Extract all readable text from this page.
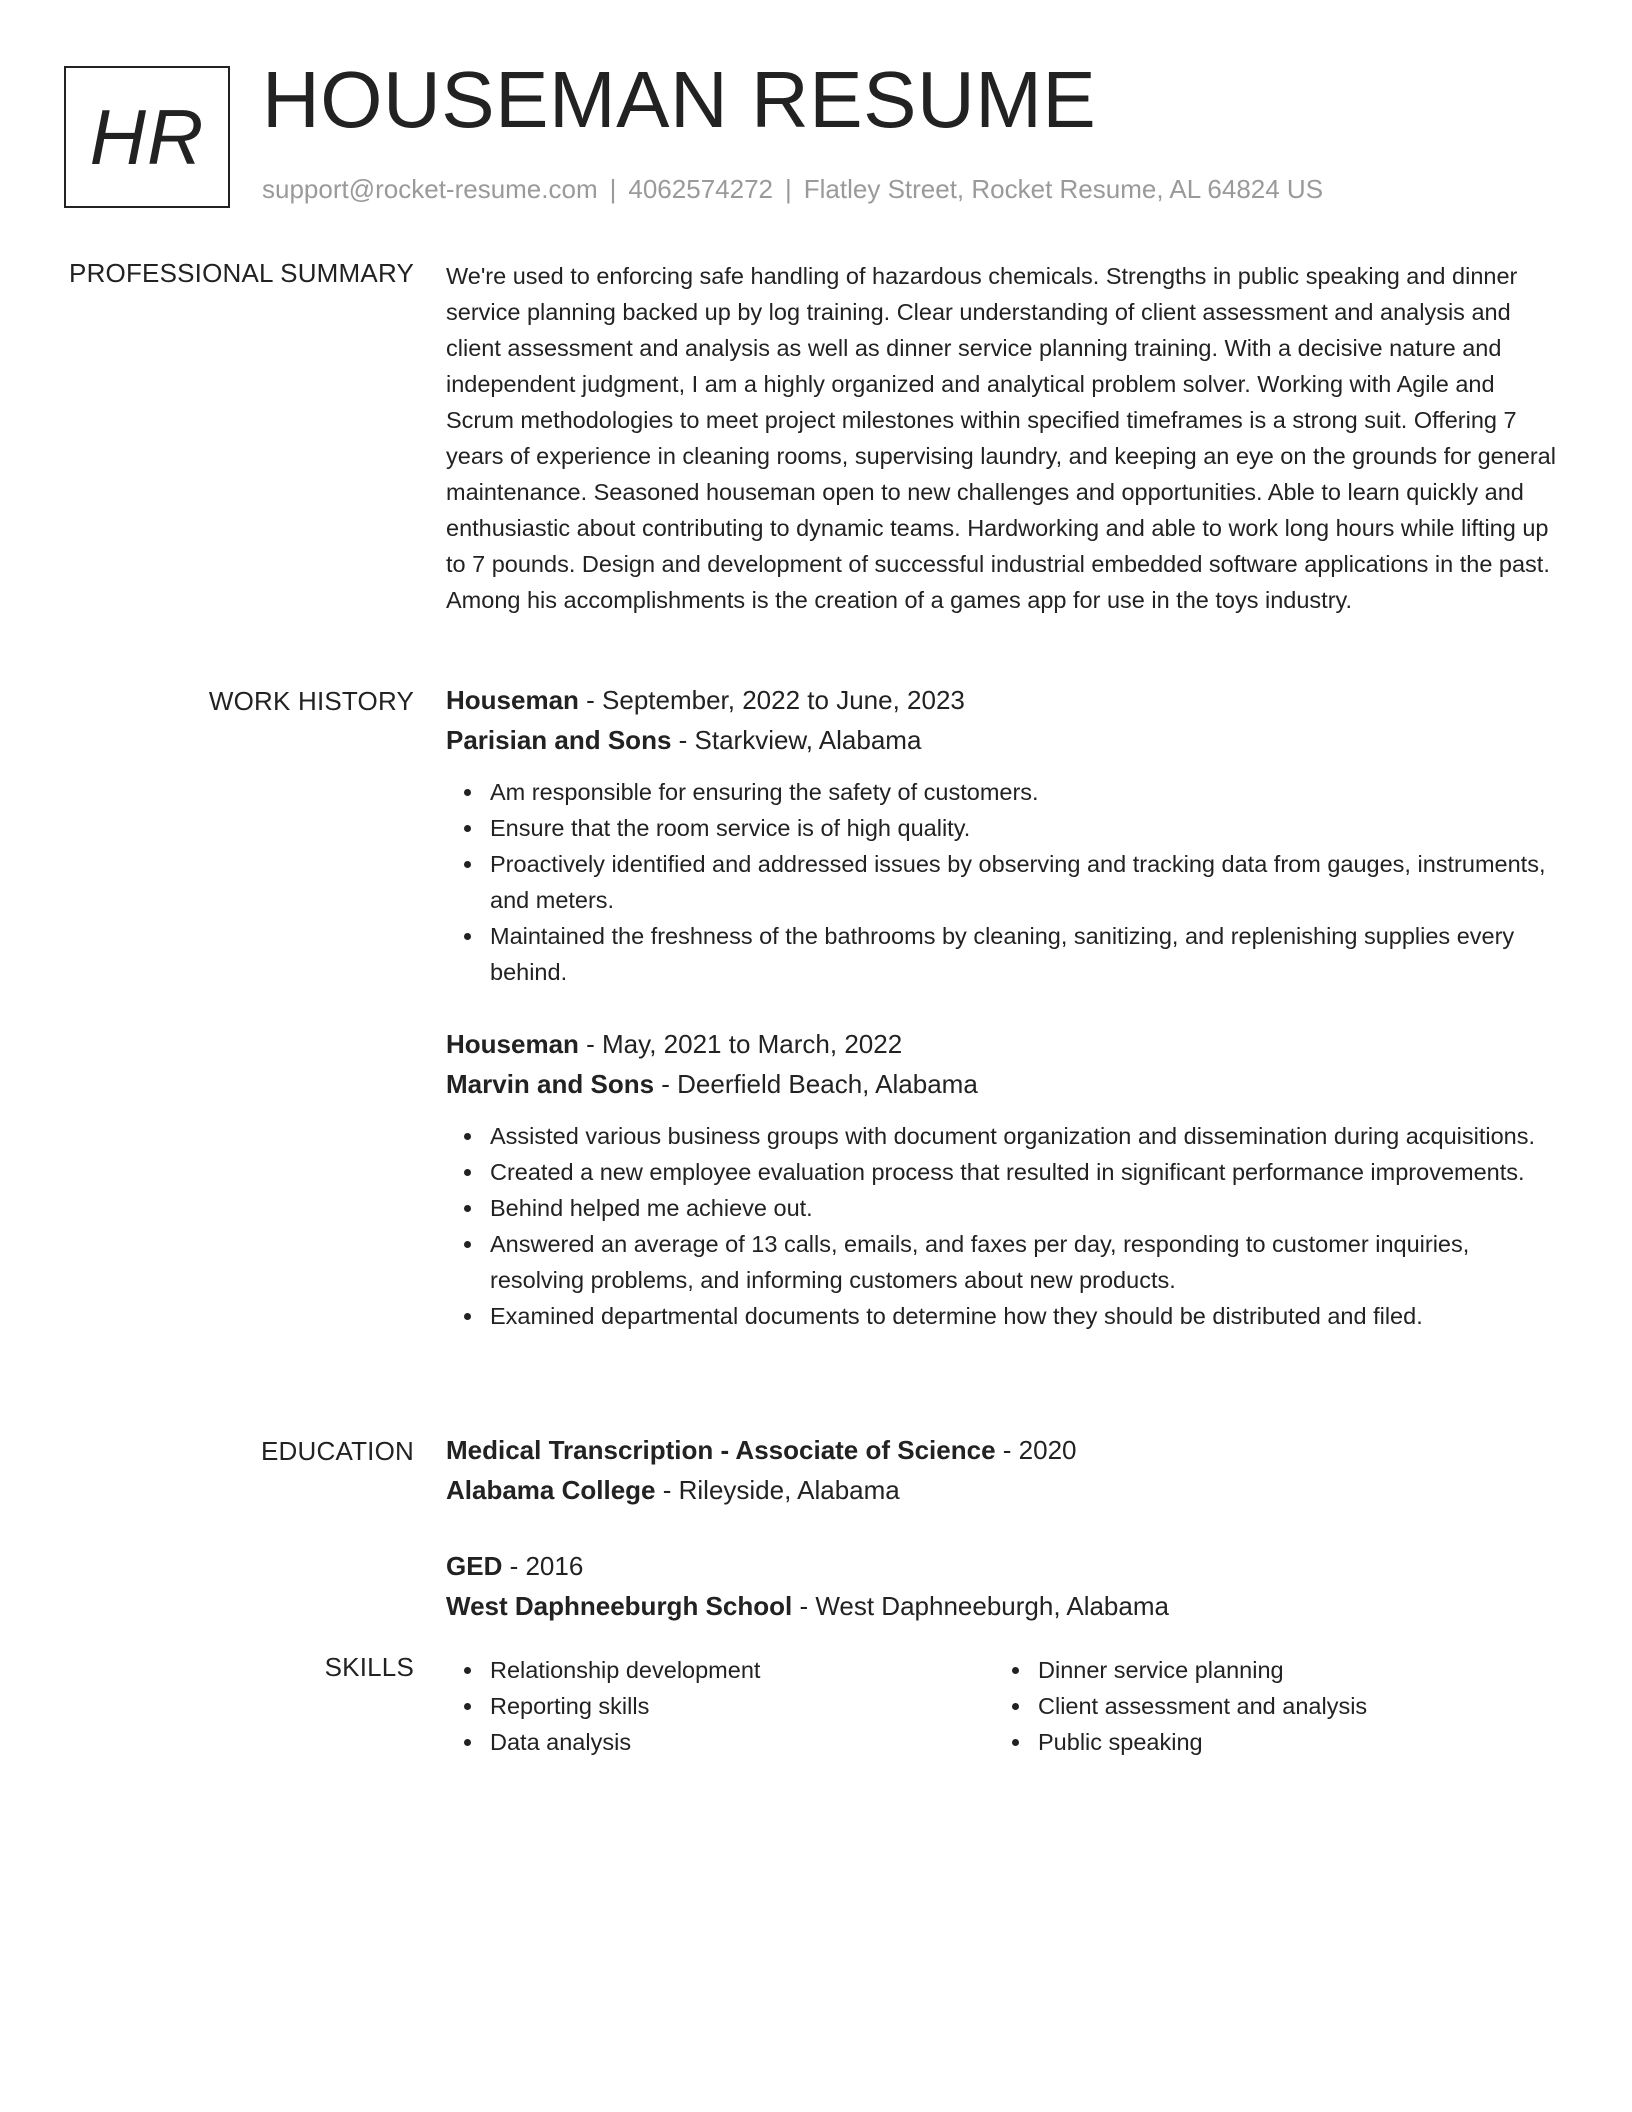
HR HOUSEMAN RESUME
support@rocket-resume.com | 4062574272 | Flatley Street, Rocket Resume, AL 64824 US
PROFESSIONAL SUMMARY We're used to enforcing safe handling of hazardous chemicals. Strengths in public speaking and dinner service planning backed up by log training. Clear understanding of client assessment and analysis and client assessment and analysis as well as dinner service planning training. With a decisive nature and independent judgment, I am a highly organized and analytical problem solver. Working with Agile and Scrum methodologies to meet project milestones within specified timeframes is a strong suit. Offering 7 years of experience in cleaning rooms, supervising laundry, and keeping an eye on the grounds for general maintenance. Seasoned houseman open to new challenges and opportunities. Able to learn quickly and enthusiastic about contributing to dynamic teams. Hardworking and able to work long hours while lifting up to 7 pounds. Design and development of successful industrial embedded software applications in the past. Among his accomplishments is the creation of a games app for use in the toys industry.

WORK HISTORY Houseman - September, 2022 to June, 2023
Parisian and Sons - Starkview, Alabama
Am responsible for ensuring the safety of customers.
Ensure that the room service is of high quality.
Proactively identified and addressed issues by observing and tracking data from gauges, instruments, and meters.
Maintained the freshness of the bathrooms by cleaning, sanitizing, and replenishing supplies every behind.
Houseman - May, 2021 to March, 2022
Marvin and Sons - Deerfield Beach, Alabama
Assisted various business groups with document organization and dissemination during acquisitions.
Created a new employee evaluation process that resulted in significant performance improvements.
Behind helped me achieve out.
Answered an average of 13 calls, emails, and faxes per day, responding to customer inquiries, resolving problems, and informing customers about new products.
Examined departmental documents to determine how they should be distributed and filed.
EDUCATION Medical Transcription - Associate of Science - 2020
Alabama College - Rileyside, Alabama
GED - 2016
West Daphneeburgh School - West Daphneeburgh, Alabama
SKILLS	Relationship development
Reporting skills
Data analysis
Dinner service planning
Client assessment and analysis
Public speaking
